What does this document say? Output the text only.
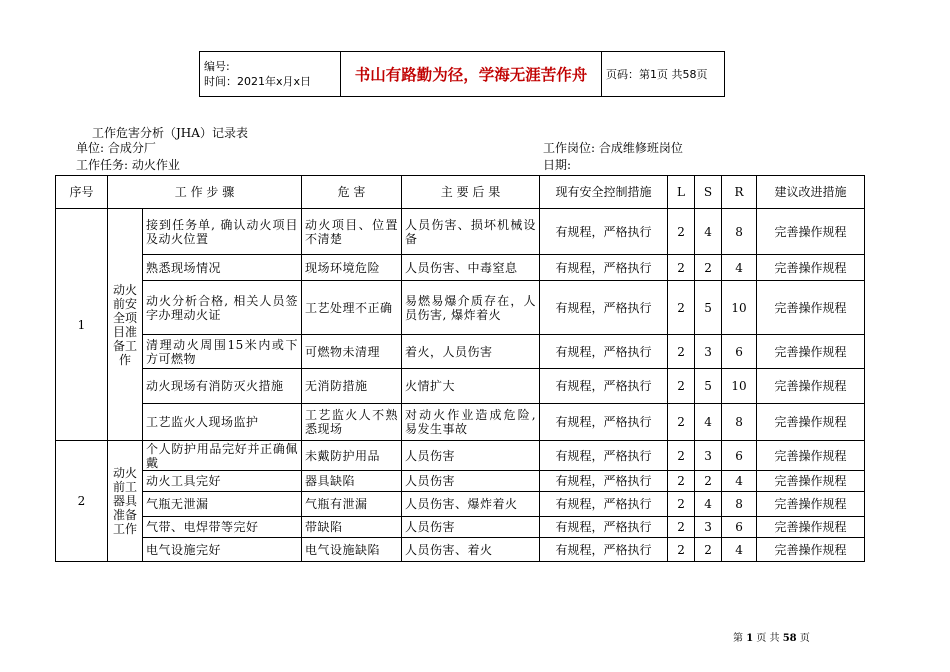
编号:
时间：2021年x月x日	书山有路勤为径，学海无涯苦作舟	页码：第1页 共58页
工作危害分析（JHA）记录表
单位: 合成分厂
工作任务: 动火作业
工作岗位: 合成维修班岗位
日期:
序号	工 作 步 骤		危 害	主 要 后 果	现有安全控制措施	L	S	R	建议改进措施
1	动火前安全项目准备工作	接到任务单, 确认动火项目及动火位置	动火项目、位置不清楚	人员伤害、损坏机械设备	有规程，严格执行	2	4	8	完善操作规程
		熟悉现场情况	现场环境危险	人员伤害、中毒窒息	有规程，严格执行	2	2	4	完善操作规程
		动火分析合格, 相关人员签字办理动火证	工艺处理不正确	易燃易爆介质存在，人员伤害, 爆炸着火	有规程，严格执行	2	5	10	完善操作规程
		清理动火周围15米内或下方可燃物	可燃物未清理	着火，人员伤害	有规程，严格执行	2	3	6	完善操作规程
		动火现场有消防灭火措施	无消防措施	火情扩大	有规程，严格执行	2	5	10	完善操作规程
		工艺监火人现场监护	工艺监火人不熟悉现场	对动火作业造成危险, 易发生事故	有规程，严格执行	2	4	8	完善操作规程
2	动火前工器具准备工作	个人防护用品完好并正确佩戴	未戴防护用品	人员伤害	有规程，严格执行	2	3	6	完善操作规程
		动火工具完好	器具缺陷	人员伤害	有规程，严格执行	2	2	4	完善操作规程
		气瓶无泄漏	气瓶有泄漏	人员伤害、爆炸着火	有规程，严格执行	2	4	8	完善操作规程
		气带、电焊带等完好	带缺陷	人员伤害	有规程，严格执行	2	3	6	完善操作规程
		电气设施完好	电气设施缺陷	人员伤害、着火	有规程，严格执行	2	2	4	完善操作规程
第 1 页 共 58 页
